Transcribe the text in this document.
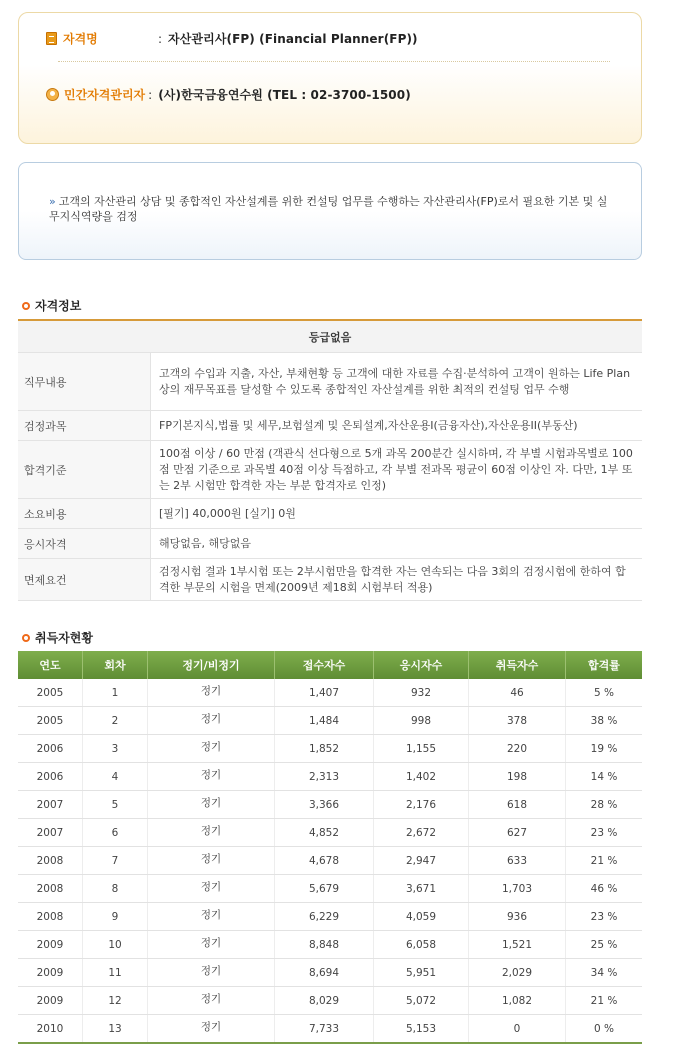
자격명	: 자산관리사(FP) (Financial Planner(FP))
민간자격관리자 : (사)한국금융연수원 (TEL : 02-3700-1500)
» 고객의 자산관리 상담 및 종합적인 자산설계를 위한 컨설팅 업무를 수행하는 자산관리사(FP)로서 필요한 기본 및 실무지식역량을 검정
자격정보
등급없음	
직무내용	고객의 수입과 지출, 자산, 부채현황 등 고객에 대한 자료를 수집·분석하여 고객이 원하는 Life Plan상의 재무목표를 달성할 수 있도록 종합적인 자산설계를 위한 최적의 컨설팅 업무 수행
검정과목	FP기본지식,법률 및 세무,보험설계 및 은퇴설계,자산운용I(금융자산),자산운용II(부동산)
합격기준	100점 이상 / 60 만점 (객관식 선다형으로 5개 과목 200분간 실시하며, 각 부별 시험과목별로 100점 만점 기준으로 과목별 40점 이상 득점하고, 각 부별 전과목 평균이 60점 이상인 자. 다만, 1부 또는 2부 시험만 합격한 자는 부분 합격자로 인정)
소요비용	[필기] 40,000원 [실기] 0원
응시자격	해당없음, 해당없음
면제요건	검정시험 결과 1부시험 또는 2부시험만을 합격한 자는 연속되는 다음 3회의 검정시험에 한하여 합격한 부문의 시험을 면제(2009년 제18회 시험부터 적용)
취득자현황
연도	회차	정기/비정기	접수자수	응시자수	취득자수	합격률
2005	1	정기	1,407	932	46	5 %
2005	2	정기	1,484	998	378	38 %
2006	3	정기	1,852	1,155	220	19 %
2006	4	정기	2,313	1,402	198	14 %
2007	5	정기	3,366	2,176	618	28 %
2007	6	정기	4,852	2,672	627	23 %
2008	7	정기	4,678	2,947	633	21 %
2008	8	정기	5,679	3,671	1,703	46 %
2008	9	정기	6,229	4,059	936	23 %
2009	10	정기	8,848	6,058	1,521	25 %
2009	11	정기	8,694	5,951	2,029	34 %
2009	12	정기	8,029	5,072	1,082	21 %
2010	13	정기	7,733	5,153	0	0 %
